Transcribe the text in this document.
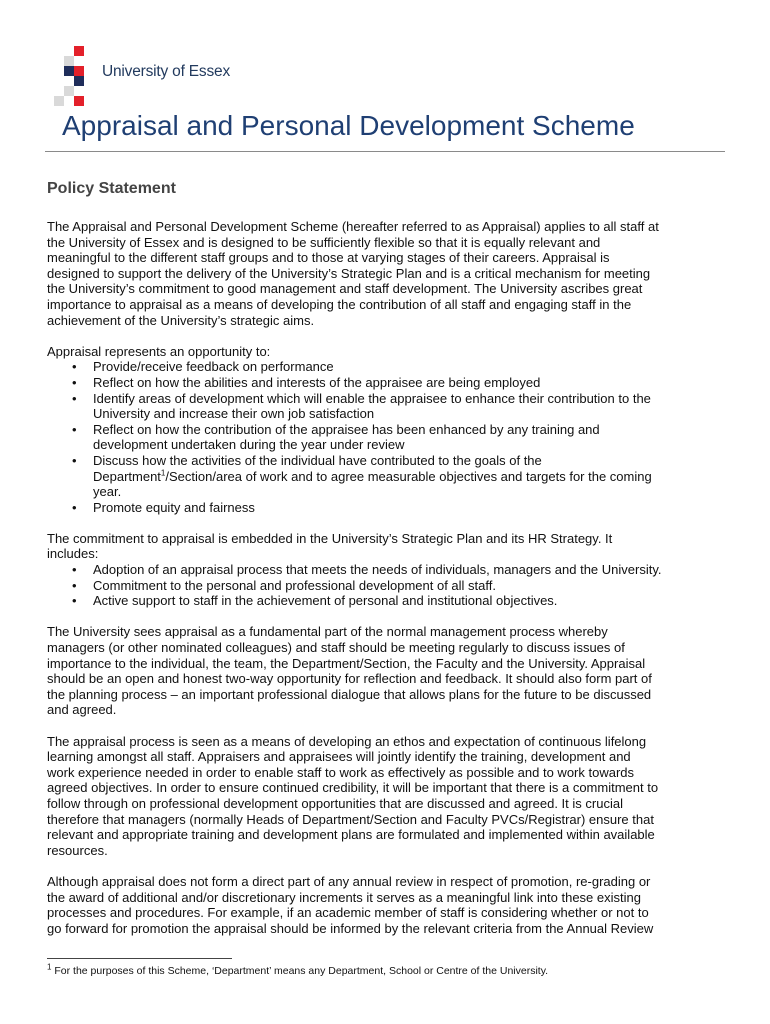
University of Essex
Appraisal and Personal Development Scheme
Policy Statement

The Appraisal and Personal Development Scheme (hereafter referred to as Appraisal) applies to all staff at
the University of Essex and is designed to be sufficiently flexible so that it is equally relevant and
meaningful to the different staff groups and to those at varying stages of their careers. Appraisal is
designed to support the delivery of the University’s Strategic Plan and is a critical mechanism for meeting
the University’s commitment to good management and staff development. The University ascribes great
importance to appraisal as a means of developing the contribution of all staff and engaging staff in the
achievement of the University’s strategic aims.

Appraisal represents an opportunity to:

• Provide/receive feedback on performance
• Reflect on how the abilities and interests of the appraisee are being employed
• Identify areas of development which will enable the appraisee to enhance their contribution to the
University and increase their own job satisfaction
• Reflect on how the contribution of the appraisee has been enhanced by any training and
development undertaken during the year under review
• Discuss how the activities of the individual have contributed to the goals of the
Department$^1$/Section/area of work and to agree measurable objectives and targets for the coming
year.
• Promote equity and fairness

The commitment to appraisal is embedded in the University’s Strategic Plan and its HR Strategy. It
includes:

• Adoption of an appraisal process that meets the needs of individuals, managers and the University.
• Commitment to the personal and professional development of all staff.
• Active support to staff in the achievement of personal and institutional objectives.

The University sees appraisal as a fundamental part of the normal management process whereby
managers (or other nominated colleagues) and staff should be meeting regularly to discuss issues of
importance to the individual, the team, the Department/Section, the Faculty and the University. Appraisal
should be an open and honest two-way opportunity for reflection and feedback. It should also form part of
the planning process – an important professional dialogue that allows plans for the future to be discussed
and agreed.

The appraisal process is seen as a means of developing an ethos and expectation of continuous lifelong
learning amongst all staff. Appraisers and appraisees will jointly identify the training, development and
work experience needed in order to enable staff to work as effectively as possible and to work towards
agreed objectives. In order to ensure continued credibility, it will be important that there is a commitment to
follow through on professional development opportunities that are discussed and agreed. It is crucial
therefore that managers (normally Heads of Department/Section and Faculty PVCs/Registrar) ensure that
relevant and appropriate training and development plans are formulated and implemented within available
resources.

Although appraisal does not form a direct part of any annual review in respect of promotion, re-grading or
the award of additional and/or discretionary increments it serves as a meaningful link into these existing
processes and procedures. For example, if an academic member of staff is considering whether or not to
go forward for promotion the appraisal should be informed by the relevant criteria from the Annual Review

$^1$ For the purposes of this Scheme, ‘Department’ means any Department, School or Centre of the University.
